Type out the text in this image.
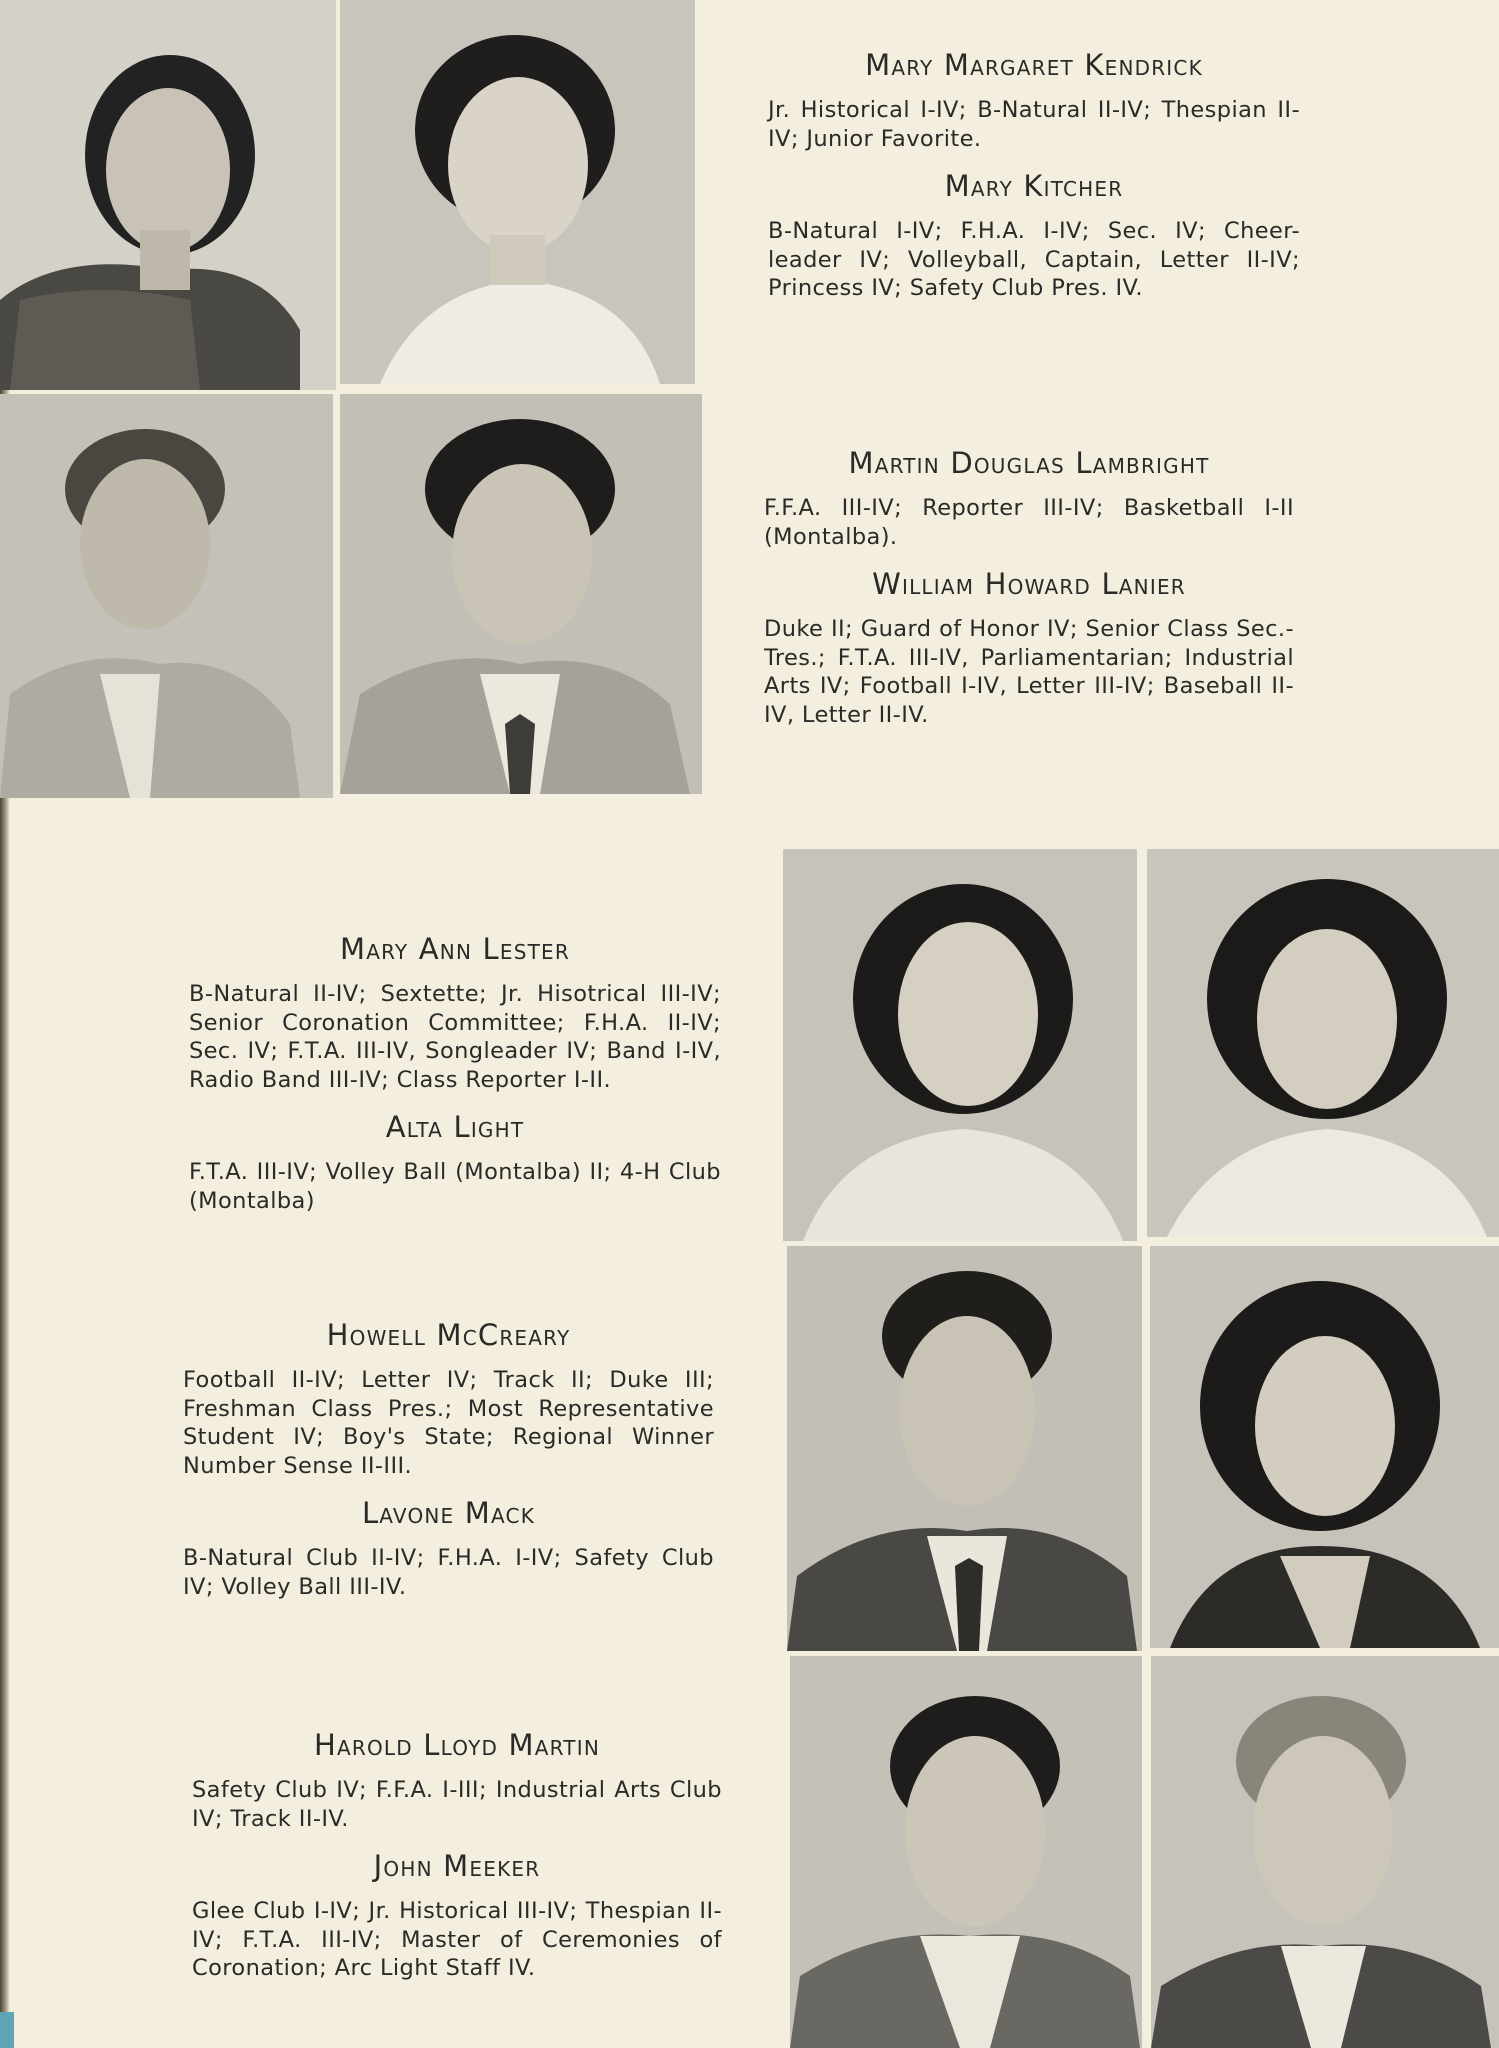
Mary Margaret Kendrick

Jr. Historical I-IV; B-Natural II-IV; Thespian II-IV; Junior Favorite.

Mary Kitcher

B-Natural I-IV; F.H.A. I-IV; Sec. IV; Cheer-leader IV; Volleyball, Captain, Letter II-IV; Princess IV; Safety Club Pres. IV.

Martin Douglas Lambright

F.F.A. III-IV; Reporter III-IV; Basketball I-II (Montalba).

William Howard Lanier

Duke II; Guard of Honor IV; Senior Class Sec.-Tres.; F.T.A. III-IV, Parliamentarian; Industrial Arts IV; Football I-IV, Letter III-IV; Baseball II-IV, Letter II-IV.

Mary Ann Lester

B-Natural II-IV; Sextette; Jr. Hisotrical III-IV; Senior Coronation Committee; F.H.A. II-IV; Sec. IV; F.T.A. III-IV, Songleader IV; Band I-IV, Radio Band III-IV; Class Reporter I-II.

Alta Light

F.T.A. III-IV; Volley Ball (Montalba) II; 4-H Club (Montalba)

Howell McCreary

Football II-IV; Letter IV; Track II; Duke III; Freshman Class Pres.; Most Representative Student IV; Boy's State; Regional Winner Number Sense II-III.

Lavone Mack

B-Natural Club II-IV; F.H.A. I-IV; Safety Club IV; Volley Ball III-IV.

Harold Lloyd Martin

Safety Club IV; F.F.A. I-III; Industrial Arts Club IV; Track II-IV.

John Meeker

Glee Club I-IV; Jr. Historical III-IV; Thespian II-IV; F.T.A. III-IV; Master of Ceremonies of Coronation; Arc Light Staff IV.
